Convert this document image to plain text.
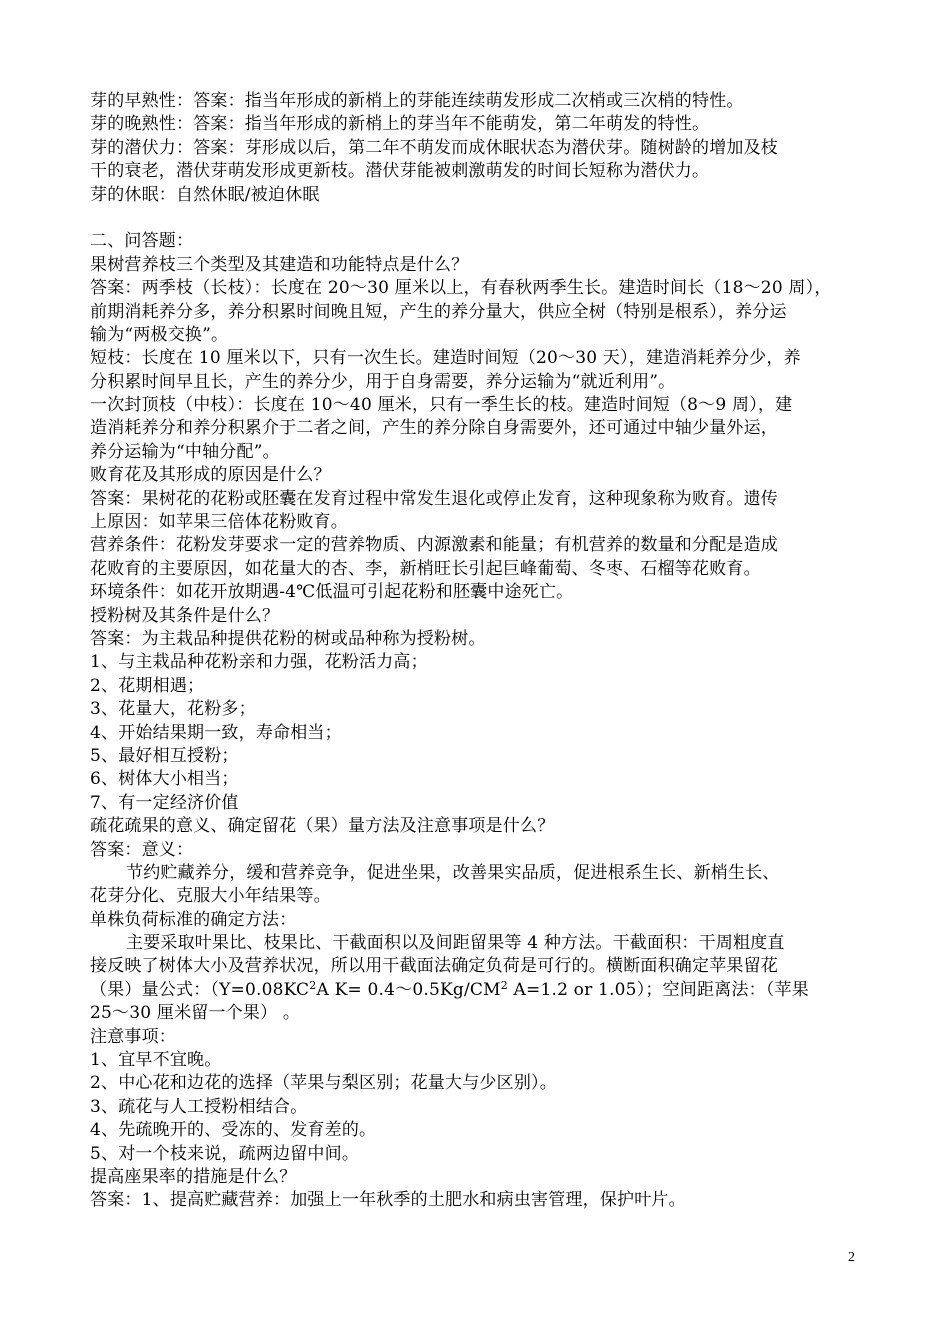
芽的早熟性：答案：指当年形成的新梢上的芽能连续萌发形成二次梢或三次梢的特性。
芽的晚熟性：答案：指当年形成的新梢上的芽当年不能萌发，第二年萌发的特性。
芽的潜伏力：答案：芽形成以后，第二年不萌发而成休眠状态为潜伏芽。随树龄的增加及枝
干的衰老，潜伏芽萌发形成更新枝。潜伏芽能被刺激萌发的时间长短称为潜伏力。
芽的休眠：自然休眠/被迫休眠
二、问答题：
果树营养枝三个类型及其建造和功能特点是什么？
答案：两季枝（长枝）：长度在 20～30 厘米以上，有春秋两季生长。建造时间长（18～20 周），
前期消耗养分多，养分积累时间晚且短，产生的养分量大，供应全树（特别是根系），养分运
输为“两极交换”。
短枝：长度在 10 厘米以下，只有一次生长。建造时间短（20～30 天），建造消耗养分少，养
分积累时间早且长，产生的养分少，用于自身需要，养分运输为“就近利用”。
一次封顶枝（中枝）：长度在 10～40 厘米，只有一季生长的枝。建造时间短（8～9 周），建
造消耗养分和养分积累介于二者之间，产生的养分除自身需要外，还可通过中轴少量外运，
养分运输为“中轴分配”。
败育花及其形成的原因是什么？
答案：果树花的花粉或胚囊在发育过程中常发生退化或停止发育，这种现象称为败育。遗传
上原因：如苹果三倍体花粉败育。
营养条件：花粉发芽要求一定的营养物质、内源激素和能量；有机营养的数量和分配是造成
花败育的主要原因，如花量大的杏、李，新梢旺长引起巨峰葡萄、冬枣、石榴等花败育。
环境条件：如花开放期遇-4℃低温可引起花粉和胚囊中途死亡。
授粉树及其条件是什么？
答案：为主栽品种提供花粉的树或品种称为授粉树。
1、与主栽品种花粉亲和力强，花粉活力高；
2、花期相遇；
3、花量大，花粉多；
4、开始结果期一致，寿命相当；
5、最好相互授粉；
6、树体大小相当；
7、有一定经济价值
疏花疏果的意义、确定留花（果）量方法及注意事项是什么？
答案：意义：
节约贮藏养分，缓和营养竞争，促进坐果，改善果实品质，促进根系生长、新梢生长、
花芽分化、克服大小年结果等。
单株负荷标准的确定方法：
主要采取叶果比、枝果比、干截面积以及间距留果等 4 种方法。干截面积：干周粗度直
接反映了树体大小及营养状况，所以用干截面法确定负荷是可行的。横断面积确定苹果留花
（果）量公式：（$Y=0.08KC^2A$ $K= 0.4\sim 0.5Kg/CM^2$ A=1.2 or 1.05）；空间距离法：（苹果
25～30 厘米留一个果） 。
注意事项：
1、宜早不宜晚。
2、中心花和边花的选择（苹果与梨区别；花量大与少区别）。
3、疏花与人工授粉相结合。
4、先疏晚开的、受冻的、发育差的。
5、对一个枝来说，疏两边留中间。
提高座果率的措施是什么？
答案：1、提高贮藏营养：加强上一年秋季的土肥水和病虫害管理，保护叶片。
2
